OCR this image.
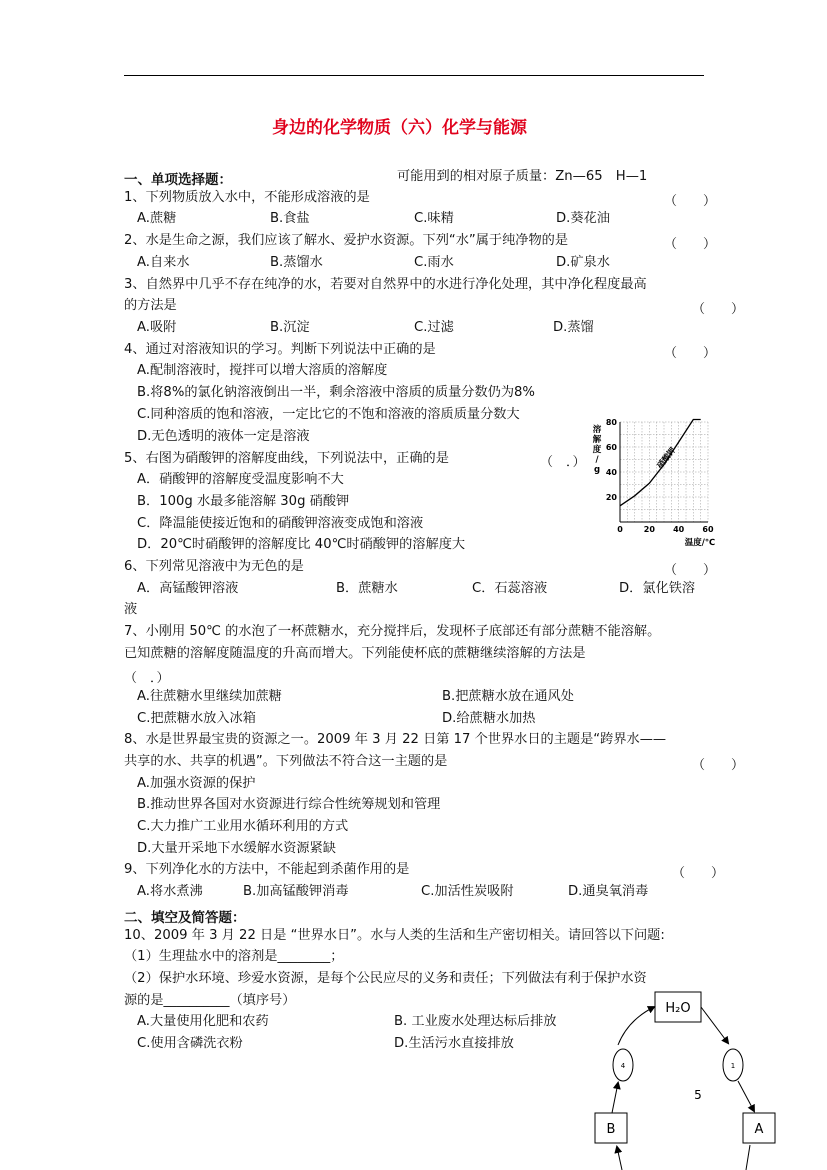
身边的化学物质（六）化学与能源
一、单项选择题：	可能用到的相对原子质量：Zn—65　H—1
1、下列物质放入水中，不能形成溶液的是	（　　）
A.蔗糖	B.食盐	C.味精	D.葵花油
2、水是生命之源，我们应该了解水、爱护水资源。下列“水”属于纯净物的是	（　　）
A.自来水	B.蒸馏水	C.雨水	D.矿泉水
3、自然界中几乎不存在纯净的水，若要对自然界中的水进行净化处理，其中净化程度最高
的方法是	（　　）
A.吸附	B.沉淀	C.过滤	D.蒸馏
4、通过对溶液知识的学习。判断下列说法中正确的是	（　　）
A.配制溶液时，搅拌可以增大溶质的溶解度
B.将8%的氯化钠溶液倒出一半，剩余溶液中溶质的质量分数仍为8%
C.同种溶质的饱和溶液，一定比它的不饱和溶液的溶质质量分数大
D.无色透明的液体一定是溶液
5、右图为硝酸钾的溶解度曲线，下列说法中，正确的是	（　．）
A．硝酸钾的溶解度受温度影响不大
B．100g 水最多能溶解 30g 硝酸钾
C．降温能使接近饱和的硝酸钾溶液变成饱和溶液
D．20℃时硝酸钾的溶解度比 40℃时硝酸钾的溶解度大
0	20 40 60
20
40
60
80
温度/℃
溶
解
度
/
g	硝酸钾
6、下列常见溶液中为无色的是	（　　）
A．高锰酸钾溶液	B．蔗糖水	C．石蕊溶液	D．氯化铁溶
液
7、小刚用 50℃ 的水泡了一杯蔗糖水，充分搅拌后，发现杯子底部还有部分蔗糖不能溶解。
已知蔗糖的溶解度随温度的升高而增大。下列能使杯底的蔗糖继续溶解的方法是
（　．）
A.往蔗糖水里继续加蔗糖	B.把蔗糖水放在通风处
C.把蔗糖水放入冰箱	D.给蔗糖水加热
8、水是世界最宝贵的资源之一。2009 年 3 月 22 日第 17 个世界水日的主题是“跨界水——
共享的水、共享的机遇”。下列做法不符合这一主题的是	（　　）
A.加强水资源的保护
B.推动世界各国对水资源进行综合性统筹规划和管理
C.大力推广工业用水循环利用的方式
D.大量开采地下水缓解水资源紧缺
9、下列净化水的方法中，不能起到杀菌作用的是	（　　）
A.将水煮沸	B.加高锰酸钾消毒	C.加活性炭吸附	D.通臭氧消毒
二、填空及简答题：
10、2009 年 3 月 22 日是 “世界水日”。水与人类的生活和生产密切相关。请回答以下问题:
（1）生理盐水中的溶剂是________；
（2）保护水环境、珍爱水资源，是每个公民应尽的义务和责任；下列做法有利于保护水资
源的是__________（填序号）
A.大量使用化肥和农药	B. 工业废水处理达标后排放
C.使用含磷洗衣粉	D.生活污水直接排放
H₂O
4	1
5
B	A
